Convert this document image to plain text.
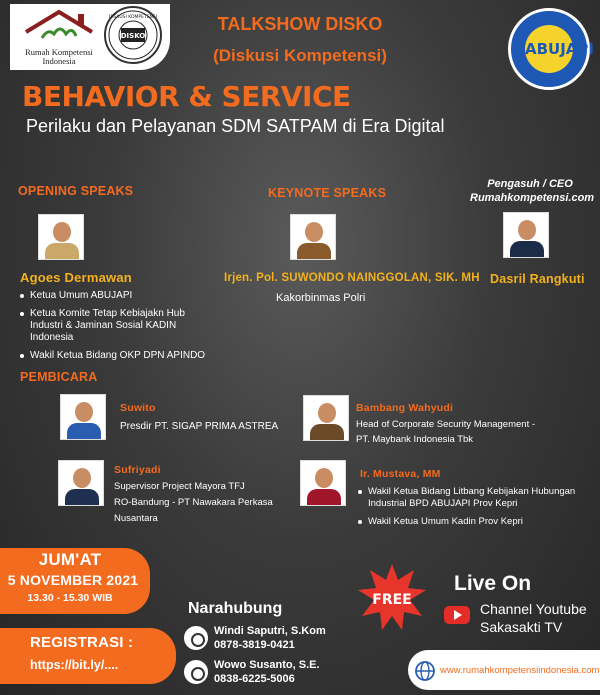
Rumah Kompetensi Indonesia
DISKO
DISKUSI KOMPETENSI
ABUJAPI
TALKSHOW DISKO
(Diskusi Kompetensi)
BEHAVIOR & SERVICE
Perilaku dan Pelayanan SDM SATPAM di Era Digital
OPENING SPEAKS
Agoes Dermawan
Ketua Umum ABUJAPI
Ketua Komite Tetap Kebiajakn Hub Industri & Jaminan Sosial KADIN Indonesia
Wakil Ketua Bidang OKP DPN APINDO
KEYNOTE SPEAKS
Irjen. Pol. SUWONDO NAINGGOLAN, SIK. MH
Kakorbinmas Polri
Pengasuh / CEO
Rumahkompetensi.com
Dasril Rangkuti
PEMBICARA
Suwito
Presdir PT. SIGAP PRIMA ASTREA
Bambang Wahyudi
Head of Corporate Security Management -
PT. Maybank Indonesia Tbk
Sufriyadi
Supervisor Project Mayora TFJ
RO-Bandung - PT Nawakara Perkasa
Nusantara
Ir. Mustava, MM
Wakil Ketua Bidang Litbang Kebijakan Hubungan Industrial BPD ABUJAPI Prov Kepri
Wakil Ketua Umum Kadin Prov Kepri
JUM'AT
5 NOVEMBER 2021
13.30 - 15.30 WIB
REGISTRASI :
https://bit.ly/....
Narahubung
Windi Saputri, S.Kom
0878-3819-0421
Wowo Susanto, S.E.
0838-6225-5006
FREE
Live On
Channel Youtube
Sakasakti TV
www.rumahkompetensiindonesia.com
